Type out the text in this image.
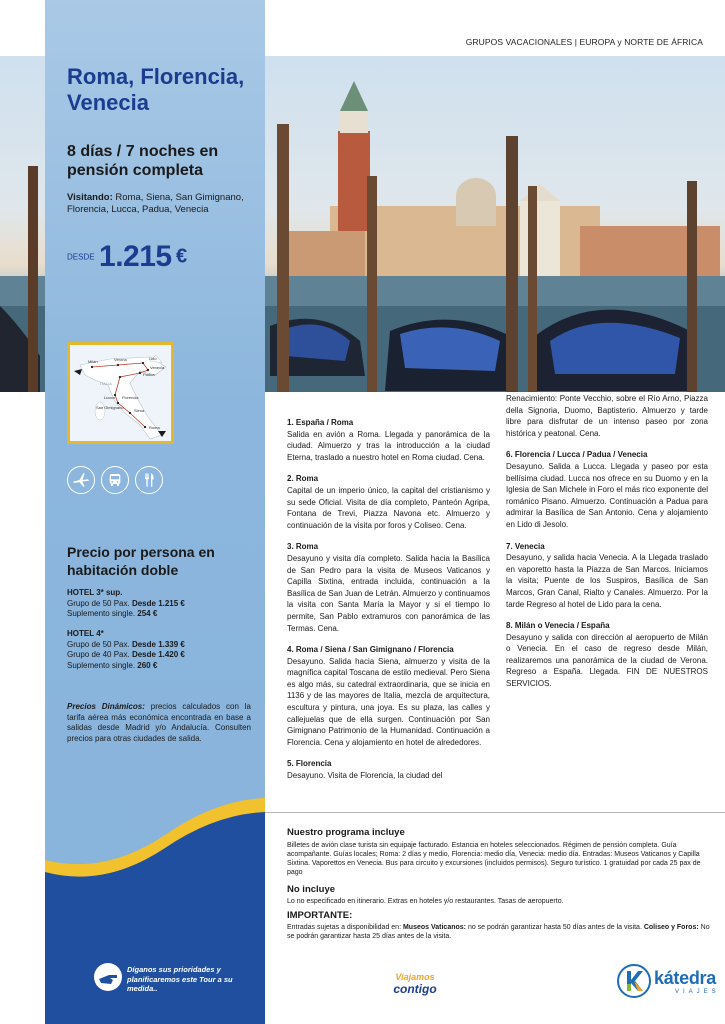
GRUPOS VACACIONALES | EUROPA y NORTE DE ÁFRICA
Roma, Florencia, Venecia
8 días / 7 noches en pensión completa
Visitando: Roma, Siena, San Gimignano, Florencia, Lucca, Padua, Venecia
DESDE 1.215 €
Milán	Verona	Lido
Venecia
Padua
Lucca Florencia
Siena
San Gimignano
Roma
ITALIA
Precio por persona en habitación doble
HOTEL 3* sup.
Grupo de 50 Pax. Desde 1.215 €
Suplemento single. 254 €
HOTEL 4*
Grupo de 50 Pax. Desde 1.339 €
Grupo de 40 Pax. Desde 1.420 €
Suplemento single. 260 €
Precios Dinámicos: precios calculados con la tarifa aérea más económica encontrada en base a salidas desde Madrid y/o Andalucía. Consulten precios para otras ciudades de salida.
Díganos sus prioridades y planificaremos este Tour a su medida..
1. España / Roma
Salida en avión a Roma. Llegada y panorámica de la ciudad. Almuerzo y tras la introducción a la ciudad Eterna, traslado a nuestro hotel en Roma ciudad. Cena.
2. Roma
Capital de un imperio único, la capital del cristianismo y su sede Oficial. Visita de día completo, Panteón Agripa, Fontana de Trevi, Piazza Navona etc. Almuerzo y continuación de la visita por foros y Coliseo. Cena.
3. Roma
Desayuno y visita día completo. Salida hacia la Basílica de San Pedro para la visita de Museos Vaticanos y Capilla Sixtina, entrada incluida, continuación a la Basílica de San Juan de Letrán. Almuerzo y continuamos la visita con Santa María la Mayor y si el tiempo lo permite, San Pablo extramuros con panorámica de las Termas. Cena.
4. Roma / Siena / San Gimignano / Florencia
Desayuno. Salida hacia Siena, almuerzo y visita de la magnífica capital Toscana de estilo medieval. Pero Siena es algo más, su catedral extraordinaria, que se inicia en 1136 y de las mayores de Italia, mezcla de arquitectura, escultura y pintura, una joya. Es su plaza, las calles y callejuelas que de ella surgen. Continuación por San Gimignano Patrimonio de la Humanidad. Continuación a Florencia. Cena y alojamiento en hotel de alrededores.
5. Florencia
Desayuno. Visita de Florencia, la ciudad del
Renacimiento: Ponte Vecchio, sobre el Río Arno, Piazza della Signoria, Duomo, Baptisterio. Almuerzo y tarde libre para disfrutar de un intenso paseo por zona histórica y peatonal. Cena.
6. Florencia / Lucca / Padua / Venecia
Desayuno. Salida a Lucca. Llegada y paseo por esta bellísima ciudad. Lucca nos ofrece en su Duomo y en la Iglesia de San Michele in Foro el más rico exponente del románico Pisano. Almuerzo. Continuación a Padua para admirar la Basílica de San Antonio. Cena y alojamiento en Lido di Jesolo.
7. Venecia
Desayuno, y salida hacia Venecia. A la Llegada traslado en vaporetto hasta la Piazza de San Marcos. Iniciamos la visita; Puente de los Suspiros, Basílica de San Marcos, Gran Canal, Rialto y Canales. Almuerzo. Por la tarde Regreso al hotel de Lido para la cena.
8. Milán o Venecia / España
Desayuno y salida con dirección al aeropuerto de Milán o Venecia. En el caso de regreso desde Milán, realizaremos una panorámica de la ciudad de Verona. Regreso a España. Llegada. FIN DE NUESTROS SERVICIOS.
Nuestro programa incluye
Billetes de avión clase turista sin equipaje facturado. Estancia en hoteles seleccionados. Régimen de pensión completa. Guía acompañante. Guías locales; Roma: 2 días y medio, Florencia: medio día, Venecia: medio día. Entradas: Museos Vaticanos y Capilla Sixtina. Vaporettos en Venecia. Bus para circuito y excursiones (incluidos permisos). Seguro turístico. 1 gratuidad por cada 25 pax de pago
No incluye
Lo no especificado en itinerario. Extras en hoteles y/o restaurantes. Tasas de aeropuerto.
IMPORTANTE:
Entradas sujetas a disponibilidad en: Museos Vaticanos: no se podrán garantizar hasta 50 días antes de la visita. Coliseo y Foros: No se podrán garantizar hasta 25 días antes de la visita.
Viajamos
contigo
kátedra
VIAJES
